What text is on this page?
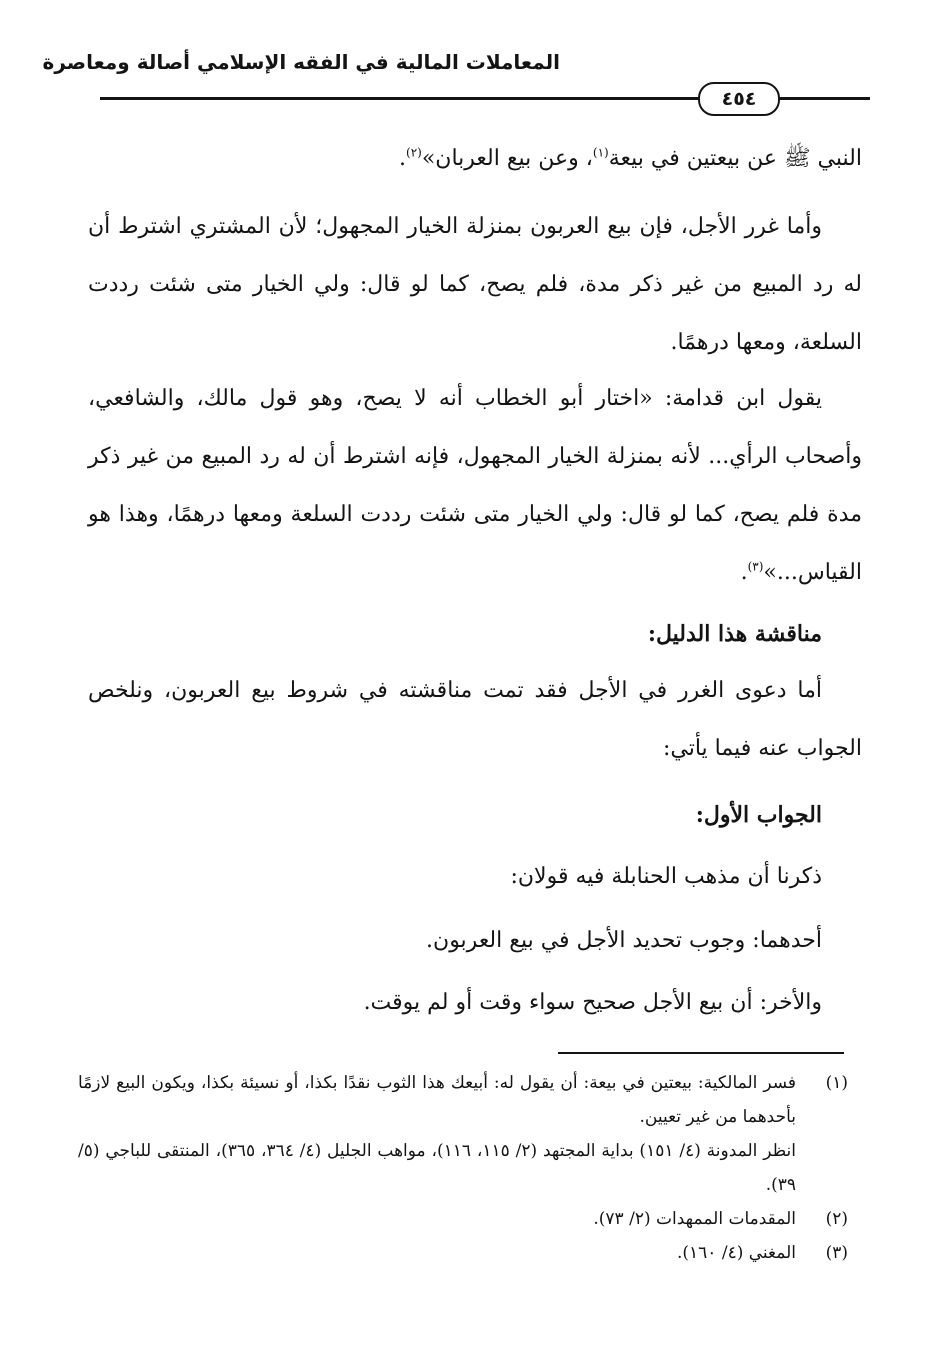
المعاملات المالية في الفقه الإسلامي أصالة ومعاصرة
٤٥٤
النبي ﷺ عن بيعتين في بيعة$^{(١)}$، وعن بيع العربان»$^{(٢)}$.
وأما غرر الأجل، فإن بيع العربون بمنزلة الخيار المجهول؛ لأن المشتري اشترط أن له رد المبيع من غير ذكر مدة، فلم يصح، كما لو قال: ولي الخيار متى شئت رددت السلعة، ومعها درهمًا.
يقول ابن قدامة: «اختار أبو الخطاب أنه لا يصح، وهو قول مالك، والشافعي، وأصحاب الرأي... لأنه بمنزلة الخيار المجهول، فإنه اشترط أن له رد المبيع من غير ذكر مدة فلم يصح، كما لو قال: ولي الخيار متى شئت رددت السلعة ومعها درهمًا، وهذا هو القياس...»$^{(٣)}$.
مناقشة هذا الدليل:
أما دعوى الغرر في الأجل فقد تمت مناقشته في شروط بيع العربون، ونلخص الجواب عنه فيما يأتي:
الجواب الأول:
ذكرنا أن مذهب الحنابلة فيه قولان:
أحدهما: وجوب تحديد الأجل في بيع العربون.
والأخر: أن بيع الأجل صحيح سواء وقت أو لم يوقت.

(١)
فسر المالكية: بيعتين في بيعة: أن يقول له: أبيعك هذا الثوب نقدًا بكذا، أو نسيئة بكذا، ويكون البيع لازمًا بأحدهما من غير تعيين.

انظر المدونة (٤/ ١٥١) بداية المجتهد (٢/ ١١٥، ١١٦)، مواهب الجليل (٤/ ٣٦٤، ٣٦٥)، المنتقى للباجي (٥/ ٣٩).

(٢)
المقدمات الممهدات (٢/ ٧٣).

(٣)
المغني (٤/ ١٦٠).
